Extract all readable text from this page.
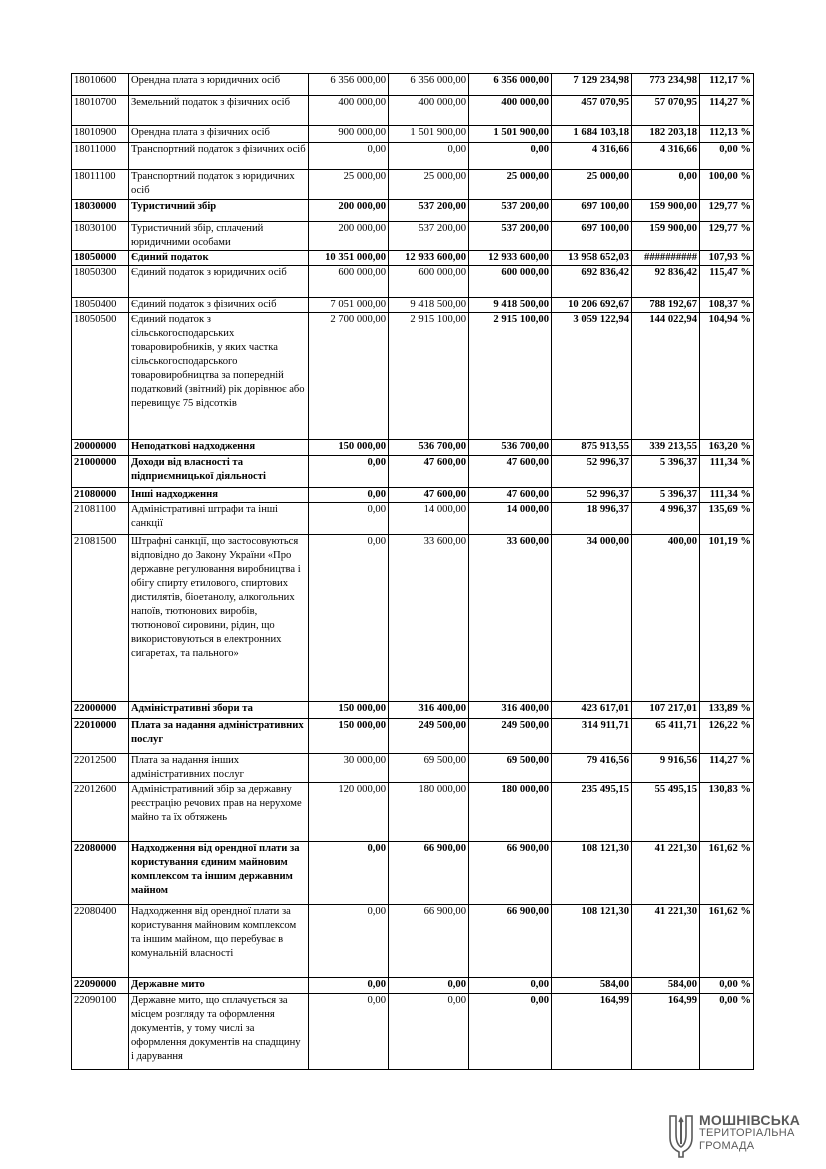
18010600	Орендна плата з юридичних осіб	6 356 000,00	6 356 000,00	6 356 000,00	7 129 234,98	773 234,98	112,17 %
18010700	Земельний податок з фізичних осіб	400 000,00	400 000,00	400 000,00	457 070,95	57 070,95	114,27 %
18010900	Орендна плата з фізичних осіб	900 000,00	1 501 900,00	1 501 900,00	1 684 103,18	182 203,18	112,13 %
18011000	Транспортний податок з фізичних осіб	0,00	0,00	0,00	4 316,66	4 316,66	0,00 %
18011100	Транспортний податок з юридичних осіб	25 000,00	25 000,00	25 000,00	25 000,00	0,00	100,00 %
18030000	Туристичний збір	200 000,00	537 200,00	537 200,00	697 100,00	159 900,00	129,77 %
18030100	Туристичний збір, сплачений юридичними особами	200 000,00	537 200,00	537 200,00	697 100,00	159 900,00	129,77 %
18050000	Єдиний податок	10 351 000,00	12 933 600,00	12 933 600,00	13 958 652,03	##########	107,93 %
18050300	Єдиний податок з юридичних осіб	600 000,00	600 000,00	600 000,00	692 836,42	92 836,42	115,47 %
18050400	Єдиний податок з фізичних осіб	7 051 000,00	9 418 500,00	9 418 500,00	10 206 692,67	788 192,67	108,37 %
18050500	Єдиний податок з сільськогосподарських товаровиробників, у яких частка сільськогосподарського товаровиробництва за попередній податковий (звітний) рік дорівнює або перевищує 75 відсотків	2 700 000,00	2 915 100,00	2 915 100,00	3 059 122,94	144 022,94	104,94 %
20000000	Неподаткові надходження	150 000,00	536 700,00	536 700,00	875 913,55	339 213,55	163,20 %
21000000	Доходи від власності та підприємницької діяльності	0,00	47 600,00	47 600,00	52 996,37	5 396,37	111,34 %
21080000	Інші надходження	0,00	47 600,00	47 600,00	52 996,37	5 396,37	111,34 %
21081100	Адміністративні штрафи та інші санкції	0,00	14 000,00	14 000,00	18 996,37	4 996,37	135,69 %
21081500	Штрафні санкції, що застосовуються відповідно до Закону України «Про державне регулювання виробництва і обігу спирту етилового, спиртових дистилятів, біоетанолу, алкогольних напоїв, тютюнових виробів, тютюнової сировини, рідин, що використовуються в електронних сигаретах, та пального»	0,00	33 600,00	33 600,00	34 000,00	400,00	101,19 %
22000000	Адміністративні збори та	150 000,00	316 400,00	316 400,00	423 617,01	107 217,01	133,89 %
22010000	Плата за надання адміністративних послуг	150 000,00	249 500,00	249 500,00	314 911,71	65 411,71	126,22 %
22012500	Плата за надання інших адміністративних послуг	30 000,00	69 500,00	69 500,00	79 416,56	9 916,56	114,27 %
22012600	Адміністративний збір за державну реєстрацію речових прав на нерухоме майно та їх обтяжень	120 000,00	180 000,00	180 000,00	235 495,15	55 495,15	130,83 %
22080000	Надходження від орендної плати за користування єдиним майновим комплексом та іншим державним майном	0,00	66 900,00	66 900,00	108 121,30	41 221,30	161,62 %
22080400	Надходження від орендної плати за користування майновим комплексом та іншим майном, що перебуває в комунальній власності	0,00	66 900,00	66 900,00	108 121,30	41 221,30	161,62 %
22090000	Державне мито	0,00	0,00	0,00	584,00	584,00	0,00 %
22090100	Державне мито, що сплачується за місцем розгляду та оформлення документів, у тому числі за оформлення документів на спадщину і дарування	0,00	0,00	0,00	164,99	164,99	0,00 %
МОШНІВСЬКА
ТЕРИТОРІАЛЬНА
ГРОМАДА
